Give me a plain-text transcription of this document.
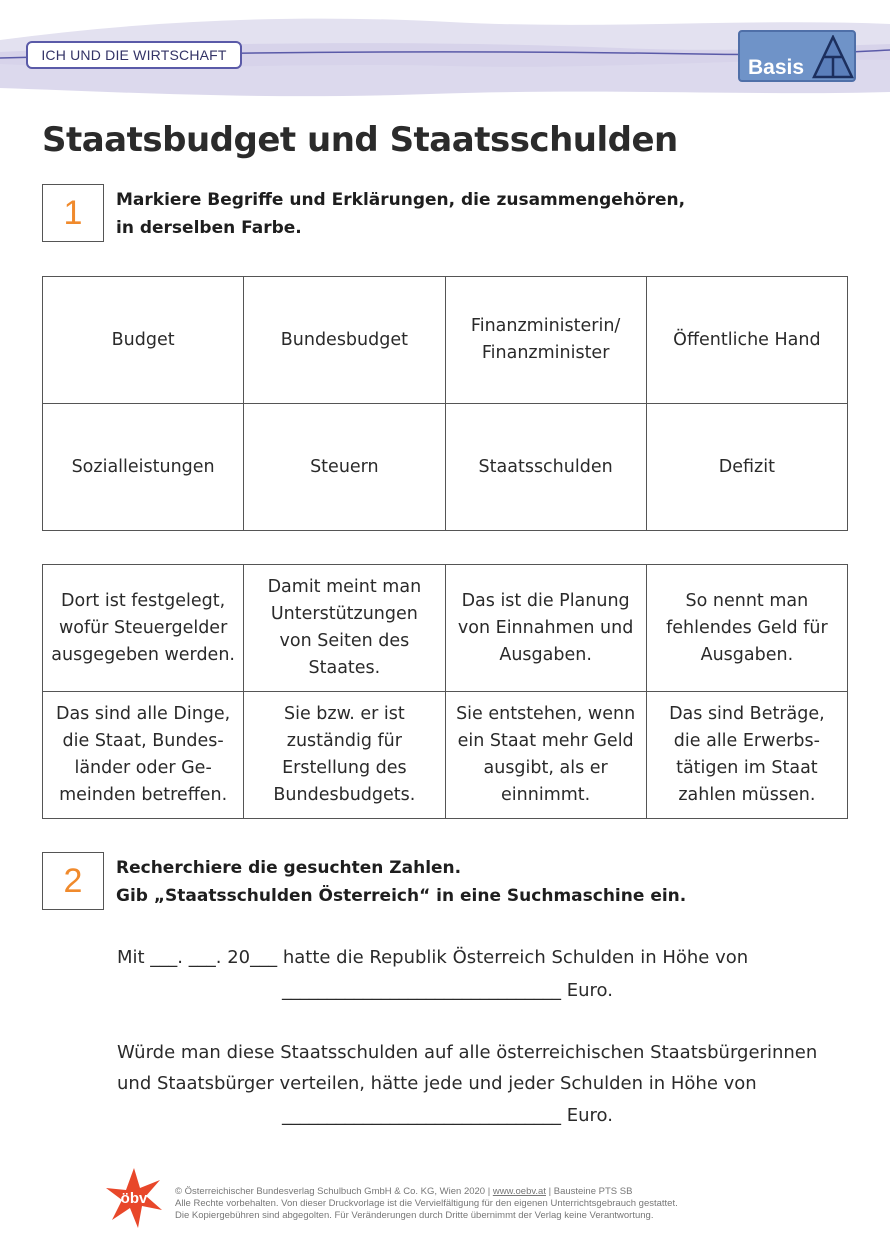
ICH UND DIE WIRTSCHAFT
Basis
Staatsbudget und Staatsschulden
1	Markiere Begriffe und Erklärungen, die zusammengehören,
in derselben Farbe.
Budget	Bundesbudget	Finanzministerin/ Finanzminister	Öffentliche Hand
Sozialleistungen	Steuern	Staatsschulden	Defizit
Dort ist festgelegt, wofür Steuergelder ausgegeben werden.	Damit meint man Unterstützungen von Seiten des Staates.	Das ist die Planung von Einnahmen und Ausgaben.	So nennt man fehlendes Geld für Ausgaben.
Das sind alle Dinge, die Staat, Bundes-länder oder Ge-meinden betreffen.	Sie bzw. er ist zuständig für Erstellung des Bundesbudgets.	Sie entstehen, wenn ein Staat mehr Geld ausgibt, als er einnimmt.	Das sind Beträge, die alle Erwerbs-tätigen im Staat zahlen müssen.
2	Recherchiere die gesuchten Zahlen.
Gib „Staatsschulden Österreich“ in eine Suchmaschine ein.
Mit ___. ___. 20___ hatte die Republik Österreich Schulden in Höhe von
_______________________________ Euro.
Würde man diese Staatsschulden auf alle österreichischen Staatsbürgerinnen
und Staatsbürger verteilen, hätte jede und jeder Schulden in Höhe von
_______________________________ Euro.
öbv	© Österreichischer Bundesverlag Schulbuch GmbH & Co. KG, Wien 2020 | www.oebv.at | Bausteine PTS SB
Alle Rechte vorbehalten. Von dieser Druckvorlage ist die Vervielfältigung für den eigenen Unterrichtsgebrauch gestattet.
Die Kopiergebühren sind abgegolten. Für Veränderungen durch Dritte übernimmt der Verlag keine Verantwortung.
